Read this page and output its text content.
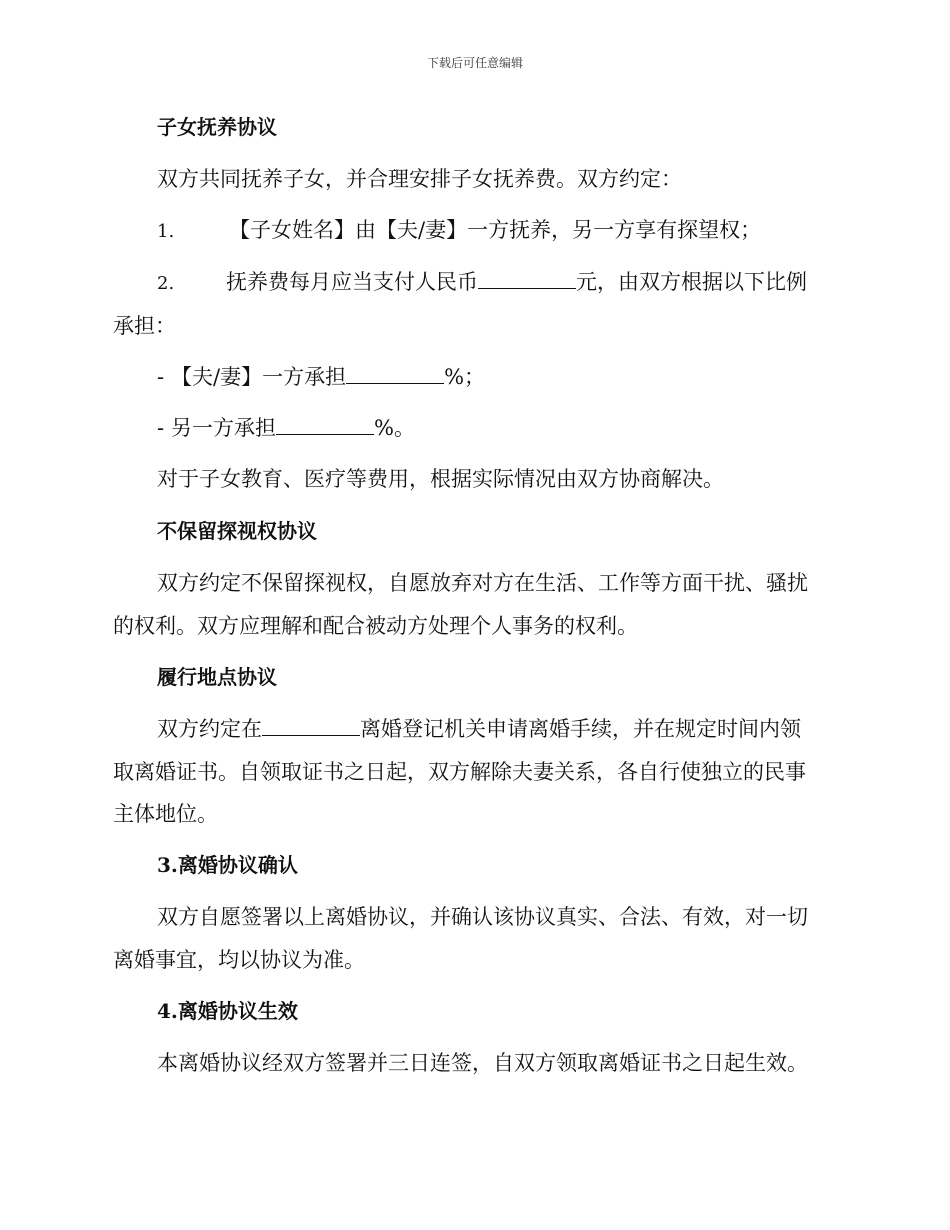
下载后可任意编辑
子女抚养协议
双方共同抚养子女，并合理安排子女抚养费。双方约定：
1.	【子女姓名】由【夫/妻】一方抚养，另一方享有探望权；
2. 抚养费每月应当支付人民币	元，由双方根据以下比例
承担：
- 【夫/妻】一方承担	%；
- 另一方承担	%。
对于子女教育、医疗等费用，根据实际情况由双方协商解决。
不保留探视权协议
双方约定不保留探视权，自愿放弃对方在生活、工作等方面干扰、骚扰
的权利。双方应理解和配合被动方处理个人事务的权利。
履行地点协议
双方约定在	离婚登记机关申请离婚手续，并在规定时间内领
取离婚证书。自领取证书之日起，双方解除夫妻关系，各自行使独立的民事
主体地位。
3.离婚协议确认
双方自愿签署以上离婚协议，并确认该协议真实、合法、有效，对一切
离婚事宜，均以协议为准。
4.离婚协议生效
本离婚协议经双方签署并三日连签，自双方领取离婚证书之日起生效。
